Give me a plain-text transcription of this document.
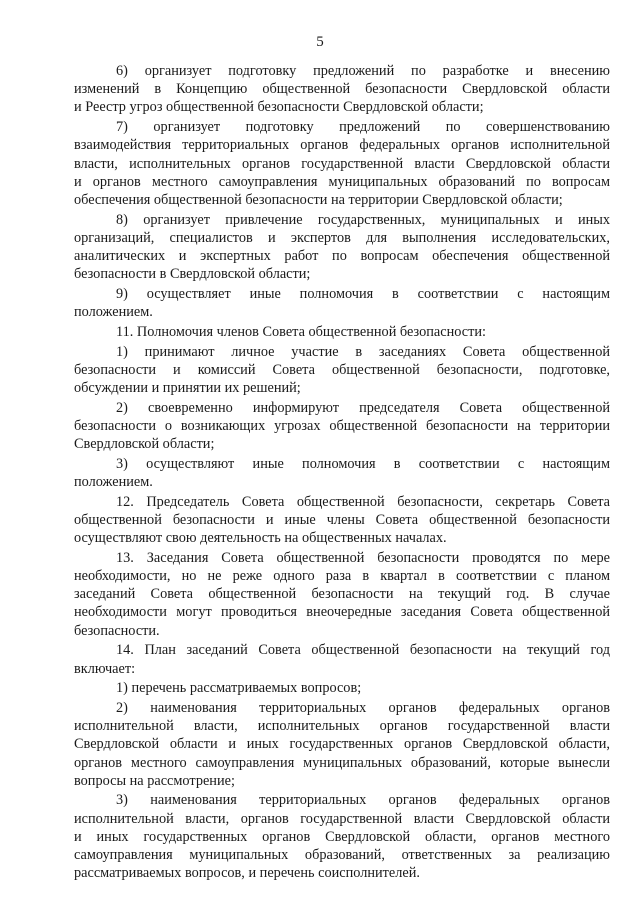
5
6) организует подготовку предложений по разработке и внесению
изменений в Концепцию общественной безопасности Свердловской области
и Реестр угроз общественной безопасности Свердловской области;
7) организует подготовку предложений по совершенствованию
взаимодействия территориальных органов федеральных органов исполнительной
власти, исполнительных органов государственной власти Свердловской области
и органов местного самоуправления муниципальных образований по вопросам
обеспечения общественной безопасности на территории Свердловской области;
8) организует привлечение государственных, муниципальных и иных
организаций, специалистов и экспертов для выполнения исследовательских,
аналитических и экспертных работ по вопросам обеспечения общественной
безопасности в Свердловской области;
9) осуществляет иные полномочия в соответствии с настоящим
положением.
11. Полномочия членов Совета общественной безопасности:
1) принимают личное участие в заседаниях Совета общественной
безопасности и комиссий Совета общественной безопасности, подготовке,
обсуждении и принятии их решений;
2) своевременно информируют председателя Совета общественной
безопасности о возникающих угрозах общественной безопасности на территории
Свердловской области;
3) осуществляют иные полномочия в соответствии с настоящим
положением.
12. Председатель Совета общественной безопасности, секретарь Совета
общественной безопасности и иные члены Совета общественной безопасности
осуществляют свою деятельность на общественных началах.
13. Заседания Совета общественной безопасности проводятся по мере
необходимости, но не реже одного раза в квартал в соответствии с планом
заседаний Совета общественной безопасности на текущий год. В случае
необходимости могут проводиться внеочередные заседания Совета общественной
безопасности.
14. План заседаний Совета общественной безопасности на текущий год
включает:
1) перечень рассматриваемых вопросов;
2) наименования территориальных органов федеральных органов
исполнительной власти, исполнительных органов государственной власти
Свердловской области и иных государственных органов Свердловской области,
органов местного самоуправления муниципальных образований, которые вынесли
вопросы на рассмотрение;
3) наименования территориальных органов федеральных органов
исполнительной власти, органов государственной власти Свердловской области
и иных государственных органов Свердловской области, органов местного
самоуправления муниципальных образований, ответственных за реализацию
рассматриваемых вопросов, и перечень соисполнителей.
